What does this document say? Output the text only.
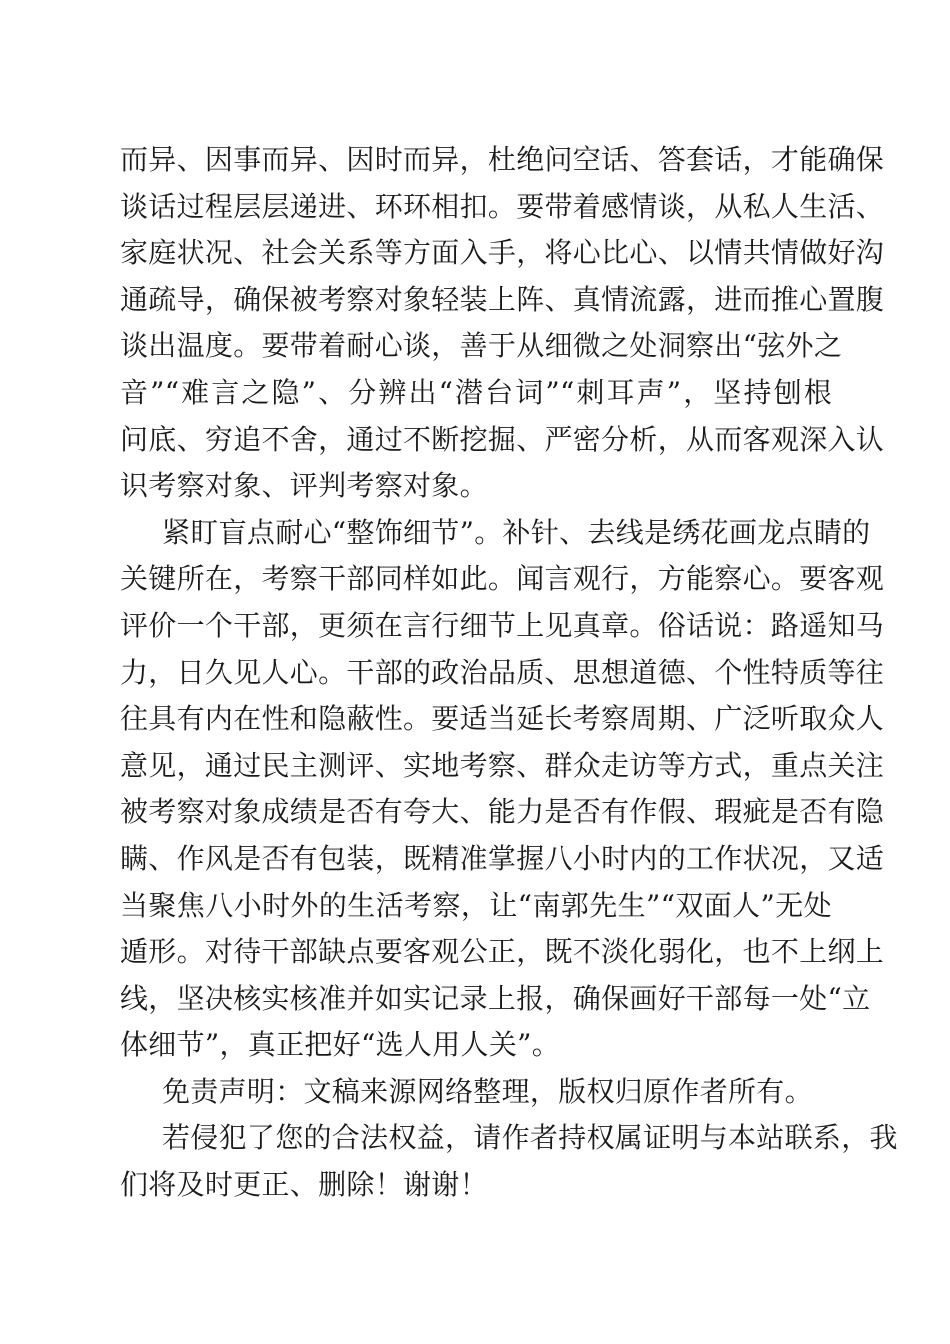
而异、因事而异、因时而异，杜绝问空话、答套话，才能确保
谈话过程层层递进、环环相扣。要带着感情谈，从私人生活、
家庭状况、社会关系等方面入手，将心比心、以情共情做好沟
通疏导，确保被考察对象轻装上阵、真情流露，进而推心置腹
谈出温度。要带着耐心谈，善于从细微之处洞察出“弦外之
音”“难言之隐”、分辨出“潜台词”“刺耳声”，坚持刨根
问底、穷追不舍，通过不断挖掘、严密分析，从而客观深入认
识考察对象、评判考察对象。
紧盯盲点耐心“整饰细节”。补针、去线是绣花画龙点睛的
关键所在，考察干部同样如此。闻言观行，方能察心。要客观
评价一个干部，更须在言行细节上见真章。俗话说：路遥知马
力，日久见人心。干部的政治品质、思想道德、个性特质等往
往具有内在性和隐蔽性。要适当延长考察周期、广泛听取众人
意见，通过民主测评、实地考察、群众走访等方式，重点关注
被考察对象成绩是否有夸大、能力是否有作假、瑕疵是否有隐
瞒、作风是否有包装，既精准掌握八小时内的工作状况，又适
当聚焦八小时外的生活考察，让“南郭先生”“双面人”无处
遁形。对待干部缺点要客观公正，既不淡化弱化，也不上纲上
线，坚决核实核准并如实记录上报，确保画好干部每一处“立
体细节”，真正把好“选人用人关”。
免责声明：文稿来源网络整理，版权归原作者所有。
若侵犯了您的合法权益，请作者持权属证明与本站联系，我
们将及时更正、删除！谢谢！
